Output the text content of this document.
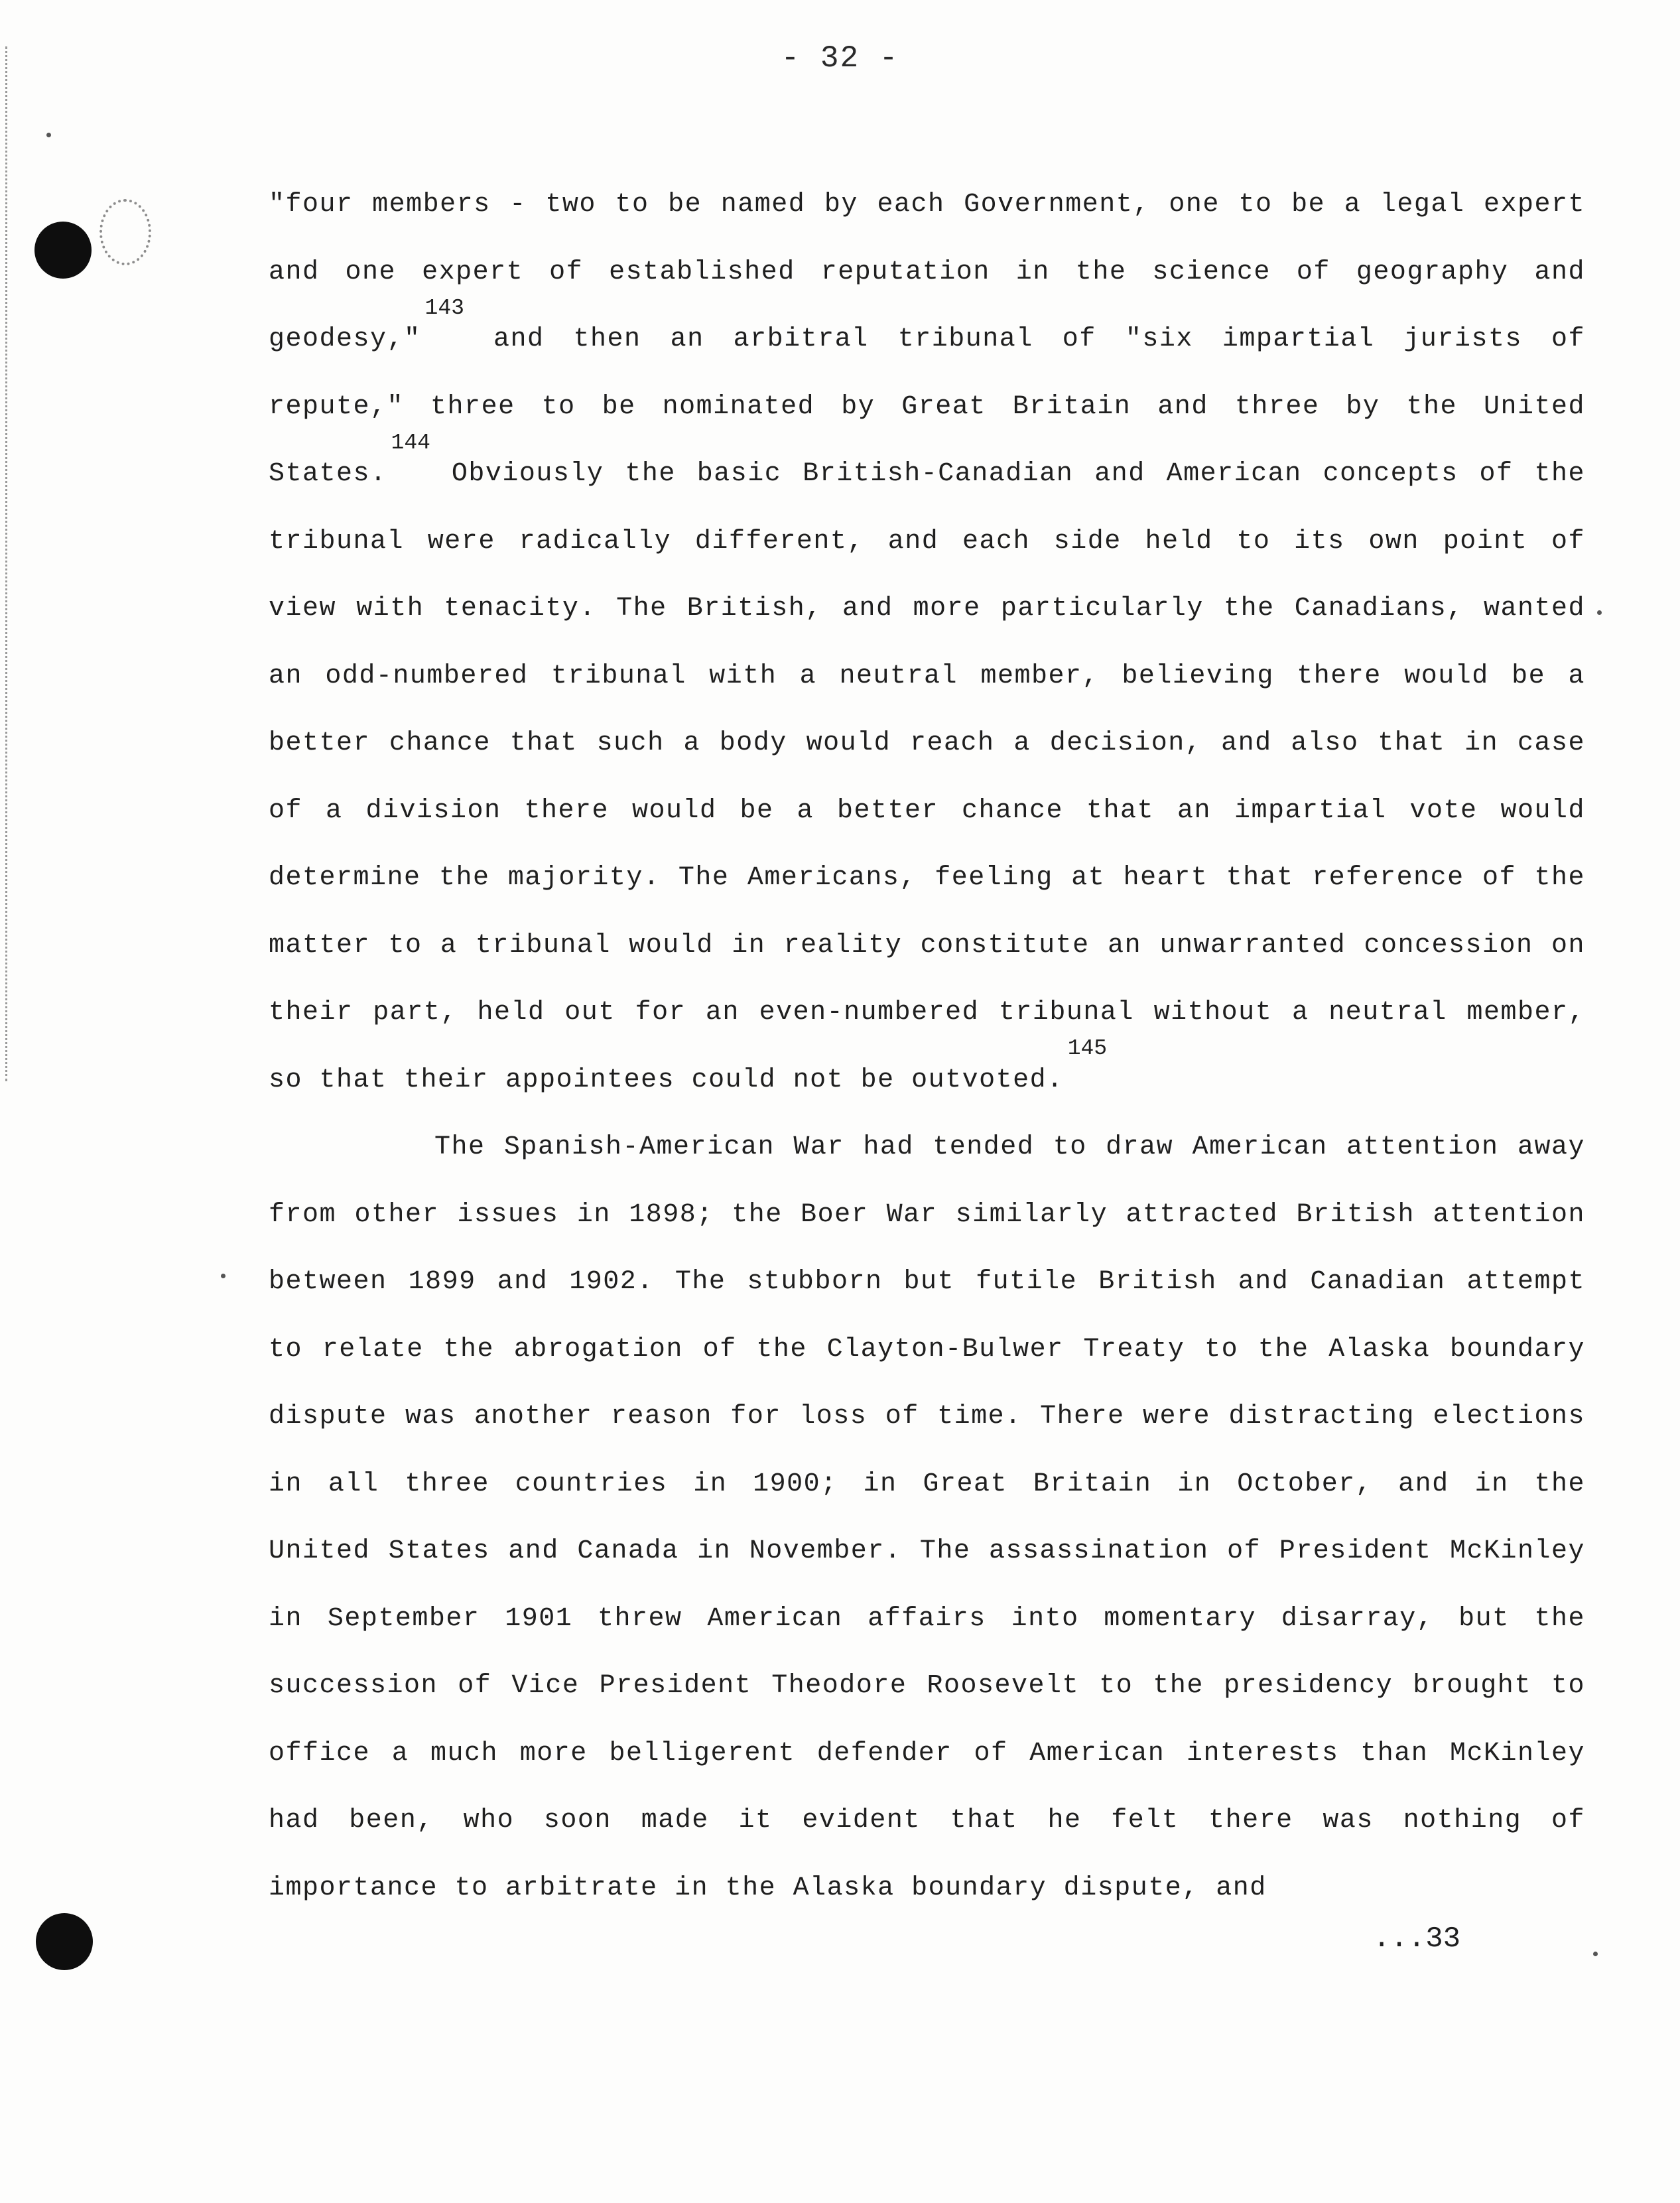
- 32 -

"four members - two to be named by each Government, one to be a legal expert and one expert of established reputation in the science of geography and geodesy,"$^{143}$ and then an arbitral tribunal of "six impartial jurists of repute," three to be nominated by Great Britain and three by the United States.$^{144}$ Obviously the basic British-Canadian and American concepts of the tribunal were radically different, and each side held to its own point of view with tenacity. The British, and more particularly the Canadians, wanted an odd-numbered tribunal with a neutral member, believing there would be a better chance that such a body would reach a decision, and also that in case of a division there would be a better chance that an impartial vote would determine the majority. The Americans, feeling at heart that reference of the matter to a tribunal would in reality constitute an unwarranted concession on their part, held out for an even-numbered tribunal without a neutral member, so that their appointees could not be outvoted.$^{145}$

The Spanish-American War had tended to draw American attention away from other issues in 1898; the Boer War similarly attracted British attention between 1899 and 1902. The stubborn but futile British and Canadian attempt to relate the abrogation of the Clayton-Bulwer Treaty to the Alaska boundary dispute was another reason for loss of time. There were distracting elections in all three countries in 1900; in Great Britain in October, and in the United States and Canada in November. The assassination of President McKinley in September 1901 threw American affairs into momentary disarray, but the succession of Vice President Theodore Roosevelt to the presidency brought to office a much more belligerent defender of American interests than McKinley had been, who soon made it evident that he felt there was nothing of importance to arbitrate in the Alaska boundary dispute, and

...33
